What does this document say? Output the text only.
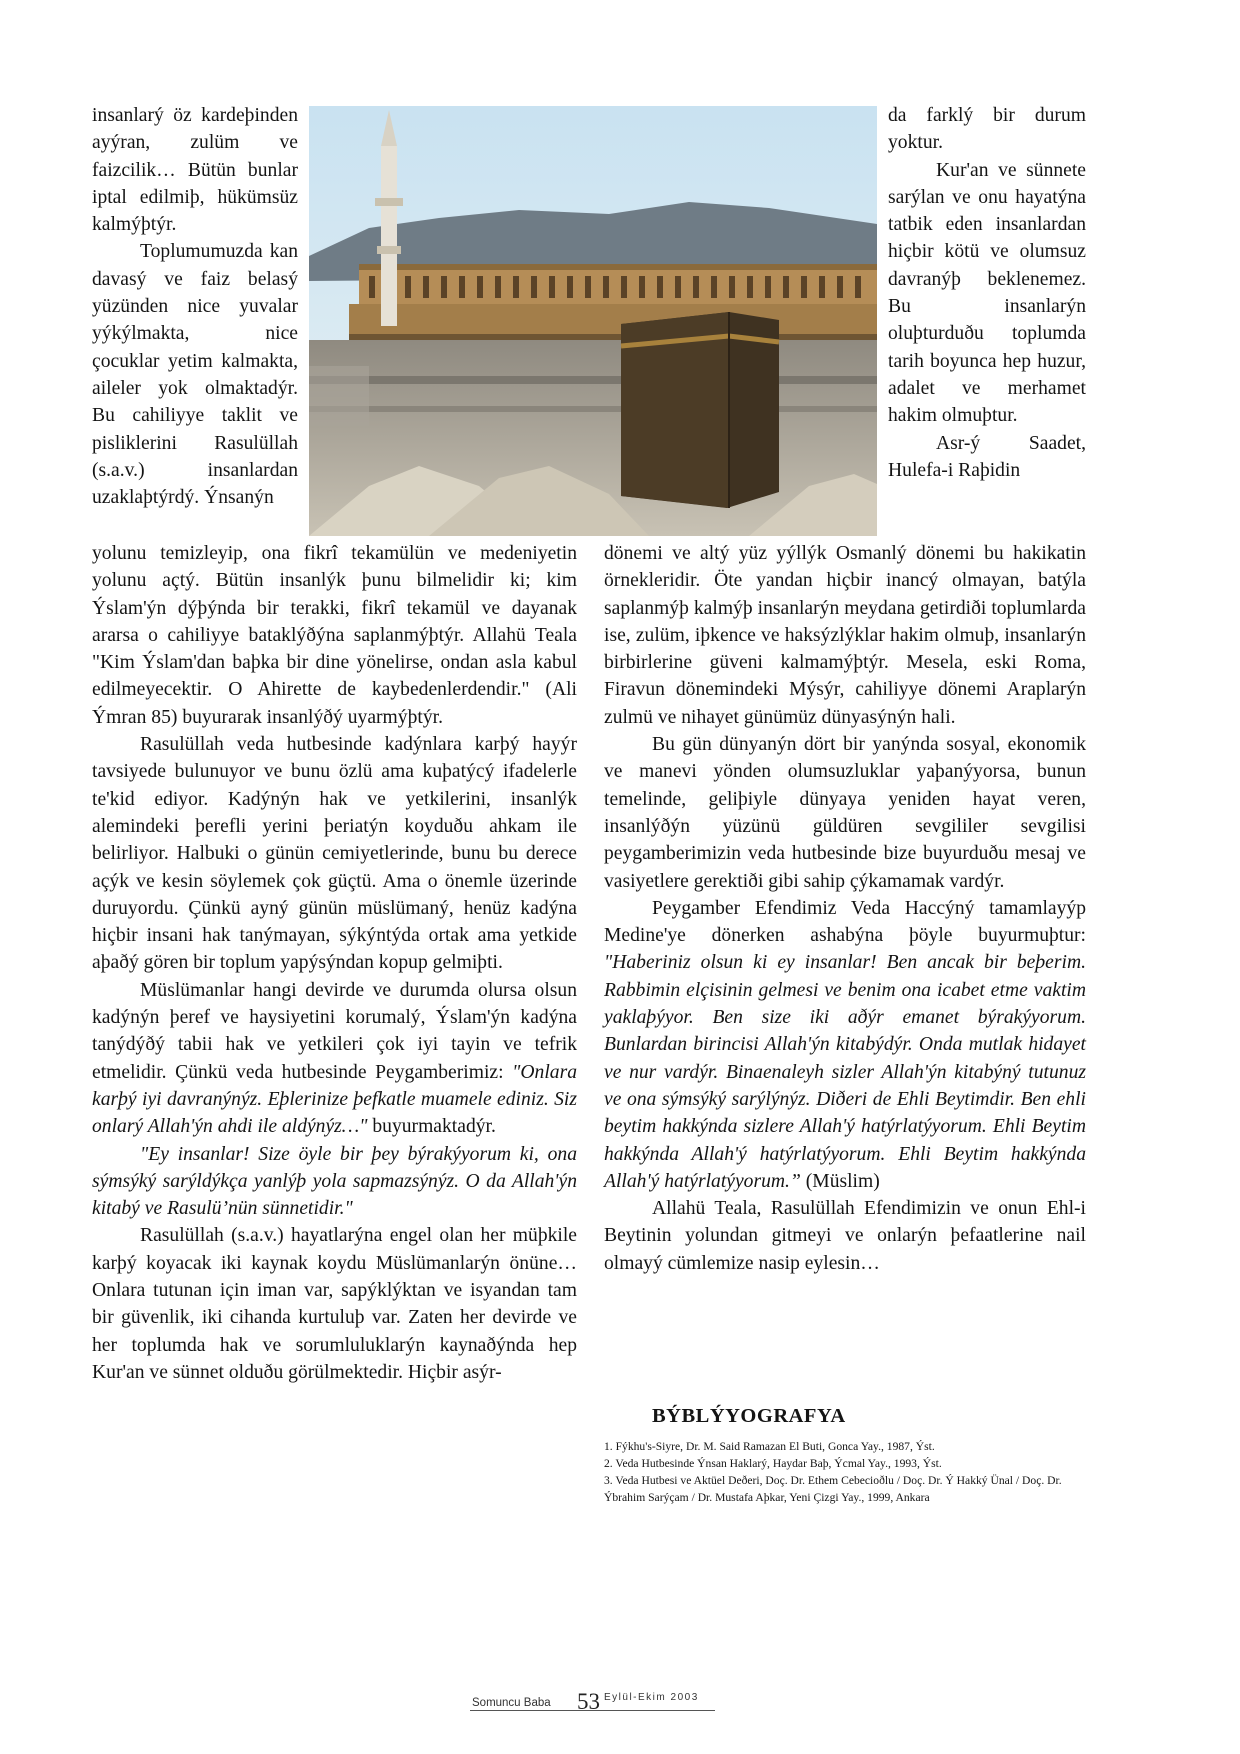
insanlarý öz kardeþinden ayýran, zulüm ve faizcilik… Bütün bunlar iptal edilmiþ, hükümsüz kalmýþtýr.

Toplumumuzda kan davasý ve faiz belasý yüzünden nice yuvalar yýkýlmakta, nice çocuklar yetim kalmakta, aileler yok olmaktadýr. Bu cahiliyye taklit ve pisliklerini Rasulüllah (s.a.v.) insanlardan uzaklaþtýrdý. Ýnsanýn

yolunu temizleyip, ona fikrî tekamülün ve medeniyetin yolunu açtý. Bütün insanlýk þunu bilmelidir ki; kim Ýslam'ýn dýþýnda bir terakki, fikrî tekamül ve dayanak ararsa o cahiliyye bataklýðýna saplanmýþtýr. Allahü Teala "Kim Ýslam'dan baþka bir dine yönelirse, ondan asla kabul edilmeyecektir. O Ahirette de kaybedenlerdendir." (Ali Ýmran 85) buyurarak insanlýðý uyarmýþtýr.

Rasulüllah veda hutbesinde kadýnlara karþý hayýr tavsiyede bulunuyor ve bunu özlü ama kuþatýcý ifadelerle te'kid ediyor. Kadýnýn hak ve yetkilerini, insanlýk alemindeki þerefli yerini þeriatýn koyduðu ahkam ile belirliyor. Halbuki o günün cemiyetlerinde, bunu bu derece açýk ve kesin söylemek çok güçtü. Ama o önemle üzerinde duruyordu. Çünkü ayný günün müslümaný, henüz kadýna hiçbir insani hak tanýmayan, sýkýntýda ortak ama yetkide aþaðý gören bir toplum yapýsýndan kopup gelmiþti.

Müslümanlar hangi devirde ve durumda olursa olsun kadýnýn þeref ve haysiyetini korumalý, Ýslam'ýn kadýna tanýdýðý tabii hak ve yetkileri çok iyi tayin ve tefrik etmelidir. Çünkü veda hutbesinde Peygamberimiz: "Onlara karþý iyi davranýnýz. Eþlerinize þefkatle muamele ediniz. Siz onlarý Allah'ýn ahdi ile aldýnýz…" buyurmaktadýr.

"Ey insanlar! Size öyle bir þey býrakýyorum ki, ona sýmsýký sarýldýkça yanlýþ yola sapmazsýnýz. O da Allah'ýn kitabý ve Rasulü’nün sünnetidir."

Rasulüllah (s.a.v.) hayatlarýna engel olan her müþkile karþý koyacak iki kaynak koydu Müslümanlarýn önüne… Onlara tutunan için iman var, sapýklýktan ve isyandan tam bir güvenlik, iki cihanda kurtuluþ var. Zaten her devirde ve her toplumda hak ve sorumluluklarýn kaynaðýnda hep Kur'an ve sünnet olduðu görülmektedir. Hiçbir asýr-

da farklý bir durum yoktur.

Kur'an ve sünnete sarýlan ve onu hayatýna tatbik eden insanlardan hiçbir kötü ve olumsuz davranýþ beklenemez. Bu insanlarýn oluþturduðu toplumda tarih boyunca hep huzur, adalet ve merhamet hakim olmuþtur.

Asr-ý Saadet, Hulefa-i Raþidin

dönemi ve altý yüz yýllýk Osmanlý dönemi bu hakikatin örnekleridir. Öte yandan hiçbir inancý olmayan, batýla saplanmýþ kalmýþ insanlarýn meydana getirdiði toplumlarda ise, zulüm, iþkence ve haksýzlýklar hakim olmuþ, insanlarýn birbirlerine güveni kalmamýþtýr. Mesela, eski Roma, Firavun dönemindeki Mýsýr, cahiliyye dönemi Araplarýn zulmü ve nihayet günümüz dünyasýnýn hali.

Bu gün dünyanýn dört bir yanýnda sosyal, ekonomik ve manevi yönden olumsuzluklar yaþanýyorsa, bunun temelinde, geliþiyle dünyaya yeniden hayat veren, insanlýðýn yüzünü güldüren sevgililer sevgilisi peygamberimizin veda hutbesinde bize buyurduðu mesaj ve vasiyetlere gerektiði gibi sahip çýkamamak vardýr.

Peygamber Efendimiz Veda Haccýný tamamlayýp Medine'ye dönerken ashabýna þöyle buyurmuþtur: "Haberiniz olsun ki ey insanlar! Ben ancak bir beþerim. Rabbimin elçisinin gelmesi ve benim ona icabet etme vaktim yaklaþýyor. Ben size iki aðýr emanet býrakýyorum. Bunlardan birincisi Allah'ýn kitabýdýr. Onda mutlak hidayet ve nur vardýr. Binaenaleyh sizler Allah'ýn kitabýný tutunuz ve ona sýmsýký sarýlýnýz. Diðeri de Ehli Beytimdir. Ben ehli beytim hakkýnda sizlere Allah'ý hatýrlatýyorum. Ehli Beytim hakkýnda Allah'ý hatýrlatýyorum. Ehli Beytim hakkýnda Allah'ý hatýrlatýyorum.” (Müslim)

Allahü Teala, Rasulüllah Efendimizin ve onun Ehl-i Beytinin yolundan gitmeyi ve onlarýn þefaatlerine nail olmayý cümlemize nasip eylesin…

BÝBLÝYOGRAFYA
1. Fýkhu's-Siyre, Dr. M. Said Ramazan El Buti, Gonca Yay., 1987, Ýst.
2. Veda Hutbesinde Ýnsan Haklarý, Haydar Baþ, Ýcmal Yay., 1993, Ýst.
3. Veda Hutbesi ve Aktüel Deðeri, Doç. Dr. Ethem Cebecioðlu / Doç. Dr. Ý Hakký Ünal / Doç. Dr. Ýbrahim Sarýçam / Dr. Mustafa Aþkar, Yeni Çizgi Yay., 1999, Ankara
Somuncu Baba 53 Eylül-Ekim 2003
